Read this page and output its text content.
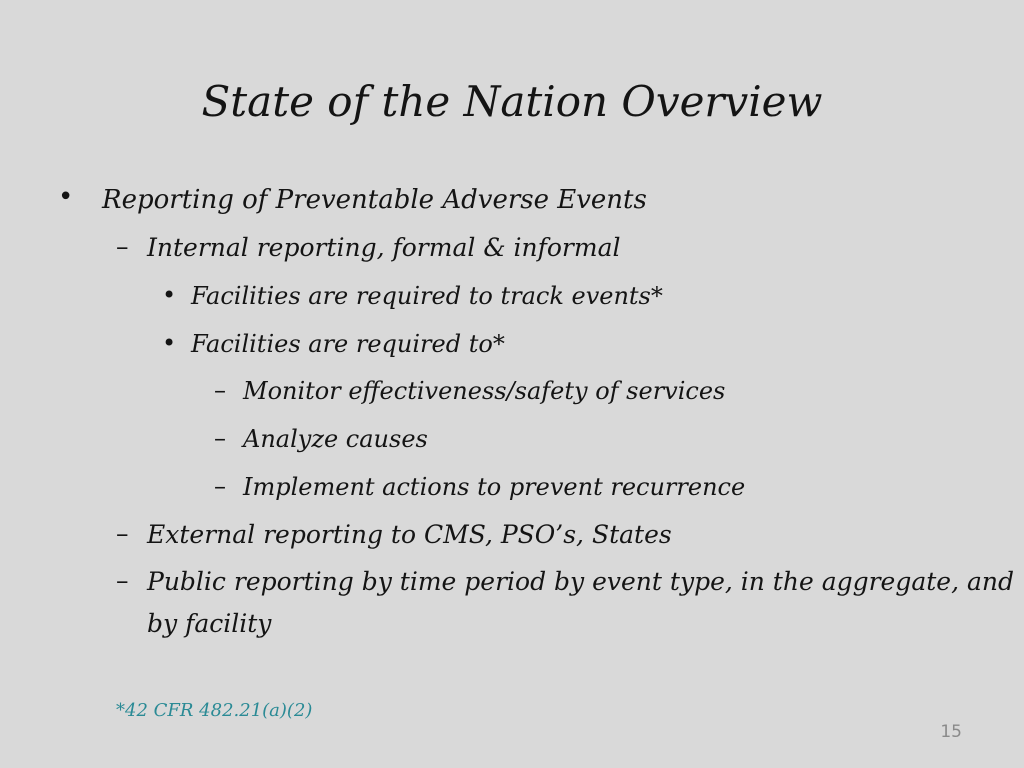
State of the Nation Overview
• Reporting of Preventable Adverse Events
– Internal reporting, formal & informal
• Facilities are required to track events*
• Facilities are required to*
– Monitor effectiveness/safety of services
– Analyze causes
– Implement actions to prevent recurrence
– External reporting to CMS, PSO’s, States
– Public reporting by time period by event type, in the aggregate, and
by facility
*42 CFR 482.21(a)(2)
15
